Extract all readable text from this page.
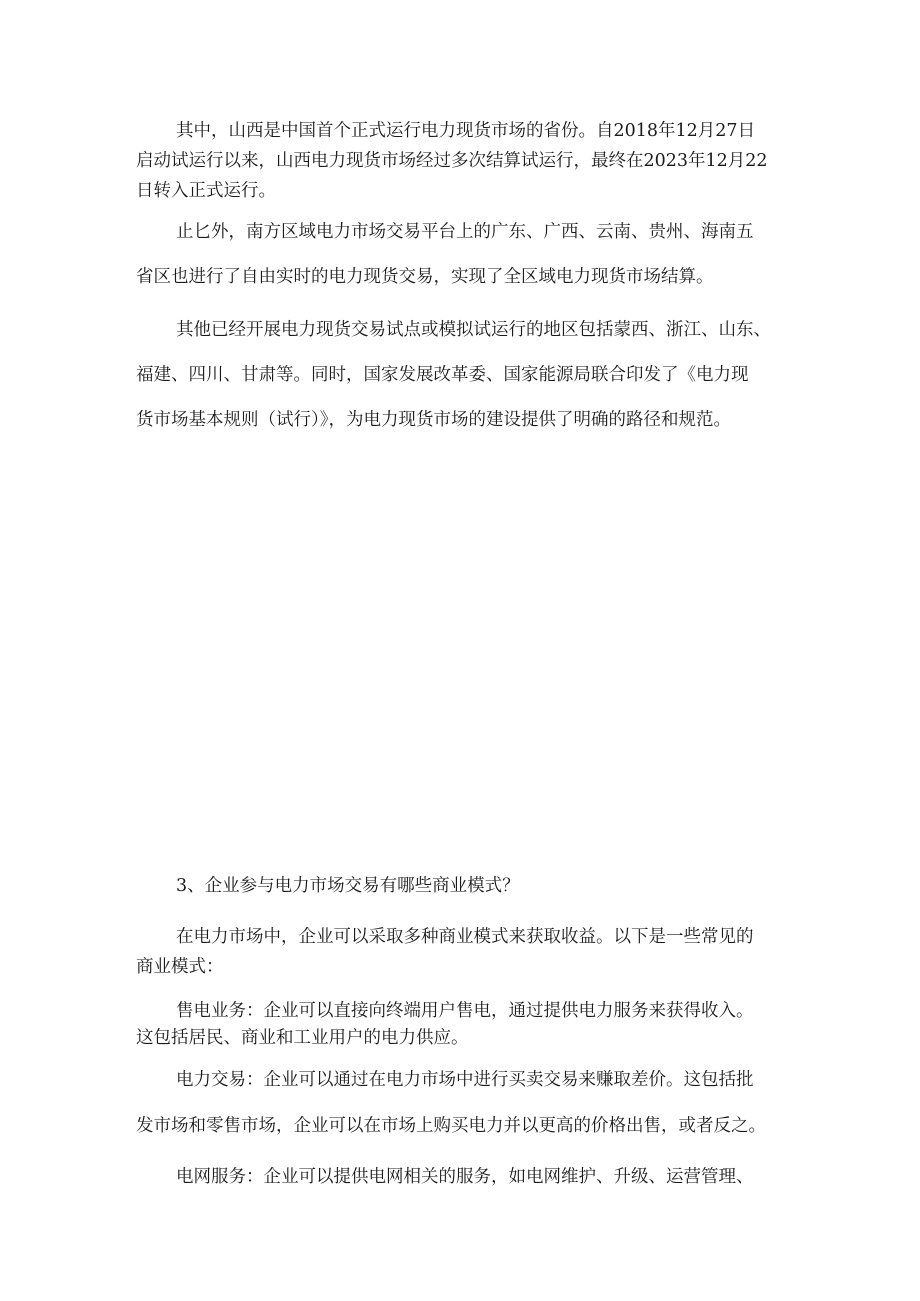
其中，山西是中国首个正式运行电力现货市场的省份。自2018年12月27日
启动试运行以来，山西电力现货市场经过多次结算试运行，最终在2023年12月22
日转入正式运行。
止匕外，南方区域电力市场交易平台上的广东、广西、云南、贵州、海南五
省区也进行了自由实时的电力现货交易，实现了全区域电力现货市场结算。
其他已经开展电力现货交易试点或模拟试运行的地区包括蒙西、浙江、山东、
福建、四川、甘肃等。同时，国家发展改革委、国家能源局联合印发了《电力现
货市场基本规则（试行）》，为电力现货市场的建设提供了明确的路径和规范。
3、企业参与电力市场交易有哪些商业模式？
在电力市场中，企业可以采取多种商业模式来获取收益。以下是一些常见的
商业模式：
售电业务：企业可以直接向终端用户售电，通过提供电力服务来获得收入。
这包括居民、商业和工业用户的电力供应。
电力交易：企业可以通过在电力市场中进行买卖交易来赚取差价。这包括批
发市场和零售市场，企业可以在市场上购买电力并以更高的价格出售，或者反之。
电网服务：企业可以提供电网相关的服务，如电网维护、升级、运营管理、
